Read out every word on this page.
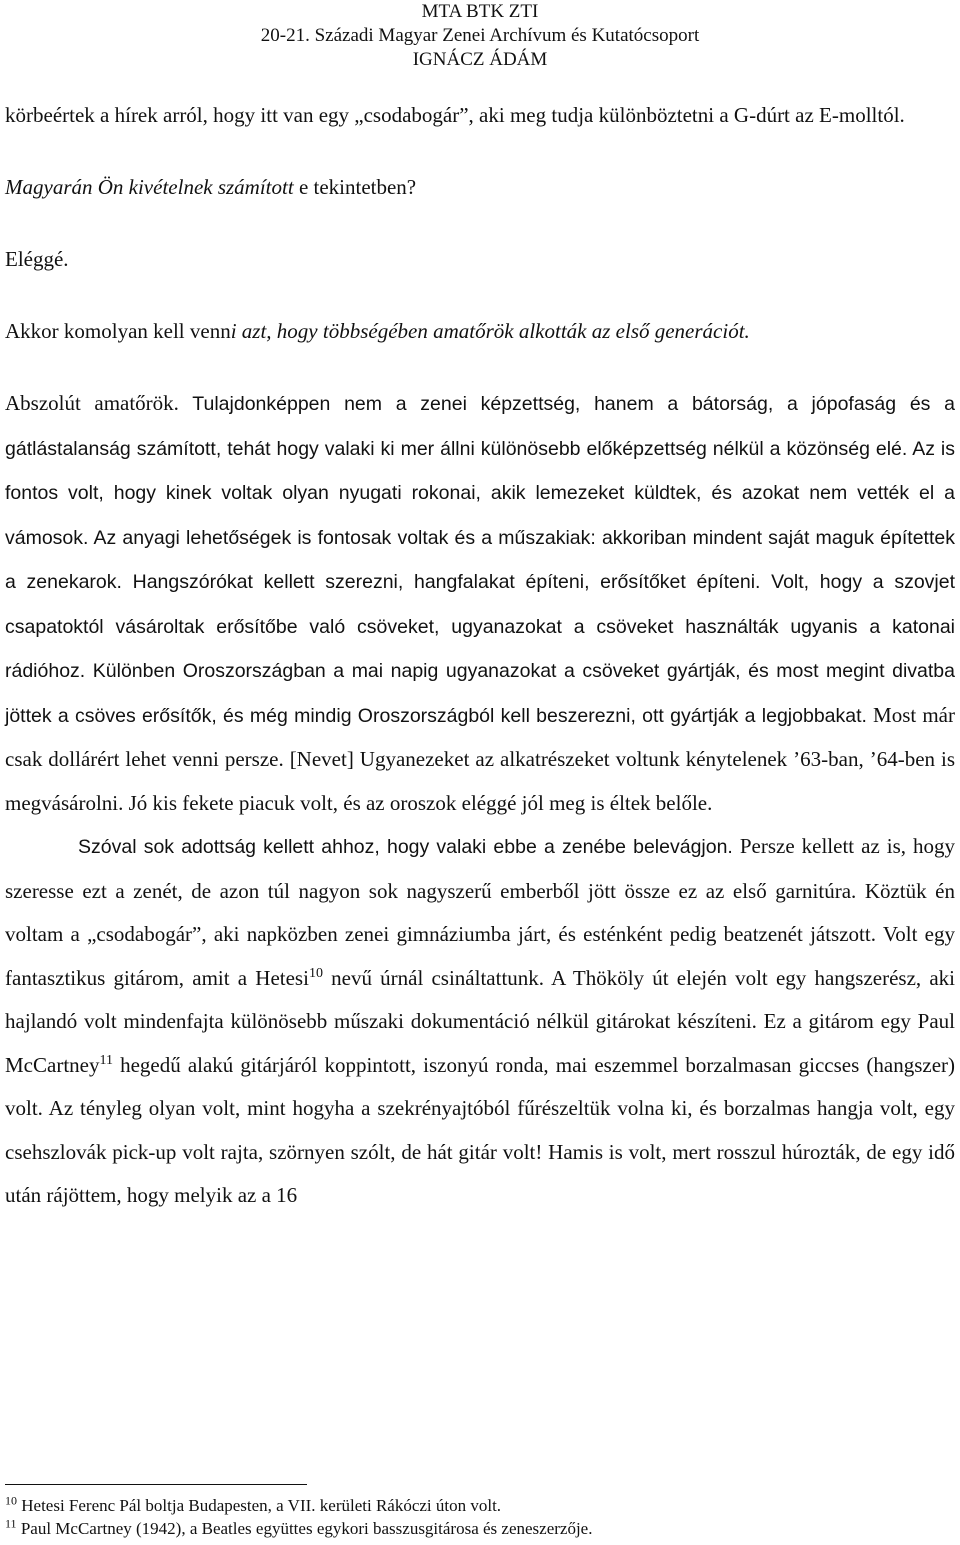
MTA BTK ZTI
20-21. Századi Magyar Zenei Archívum és Kutatócsoport
IGNÁCZ ÁDÁM

körbeértek a hírek arról, hogy itt van egy „csodabogár”, aki meg tudja különböztetni a G-dúrt az E-molltól.

Magyarán Ön kivételnek számított e tekintetben?

Eléggé.

Akkor komolyan kell venni azt, hogy többségében amatőrök alkották az első generációt.

Abszolút amatőrök. Tulajdonképpen nem a zenei képzettség, hanem a bátorság, a jópofaság és a gátlástalanság számított, tehát hogy valaki ki mer állni különösebb előképzettség nélkül a közönség elé. Az is fontos volt, hogy kinek voltak olyan nyugati rokonai, akik lemezeket küldtek, és azokat nem vették el a vámosok. Az anyagi lehetőségek is fontosak voltak és a műszakiak: akkoriban mindent saját maguk építettek a zenekarok. Hangszórókat kellett szerezni, hangfalakat építeni, erősítőket építeni. Volt, hogy a szovjet csapatoktól vásároltak erősítőbe való csöveket, ugyanazokat a csöveket használták ugyanis a katonai rádióhoz. Különben Oroszországban a mai napig ugyanazokat a csöveket gyártják, és most megint divatba jöttek a csöves erősítők, és még mindig Oroszországból kell beszerezni, ott gyártják a legjobbakat. Most már csak dollárért lehet venni persze. [Nevet] Ugyanezeket az alkatrészeket voltunk kénytelenek ’63-ban, ’64-ben is megvásárolni. Jó kis fekete piacuk volt, és az oroszok eléggé jól meg is éltek belőle.

Szóval sok adottság kellett ahhoz, hogy valaki ebbe a zenébe belevágjon. Persze kellett az is, hogy szeresse ezt a zenét, de azon túl nagyon sok nagyszerű emberből jött össze ez az első garnitúra. Köztük én voltam a „csodabogár”, aki napközben zenei gimnáziumba járt, és esténként pedig beatzenét játszott. Volt egy fantasztikus gitárom, amit a Hetesi$^{10}$ nevű úrnál csináltattunk. A Thököly út elején volt egy hangszerész, aki hajlandó volt mindenfajta különösebb műszaki dokumentáció nélkül gitárokat készíteni. Ez a gitárom egy Paul McCartney$^{11}$ hegedű alakú gitárjáról koppintott, iszonyú ronda, mai eszemmel borzalmasan giccses (hangszer) volt. Az tényleg olyan volt, mint hogyha a szekrényajtóból fűrészeltük volna ki, és borzalmas hangja volt, egy csehszlovák pick-up volt rajta, szörnyen szólt, de hát gitár volt! Hamis is volt, mert rosszul húrozták, de egy idő után rájöttem, hogy melyik az a 16

$^{10}$ Hetesi Ferenc Pál boltja Budapesten, a VII. kerületi Rákóczi úton volt.
$^{11}$ Paul McCartney (1942), a Beatles együttes egykori basszusgitárosa és zeneszerzője.
